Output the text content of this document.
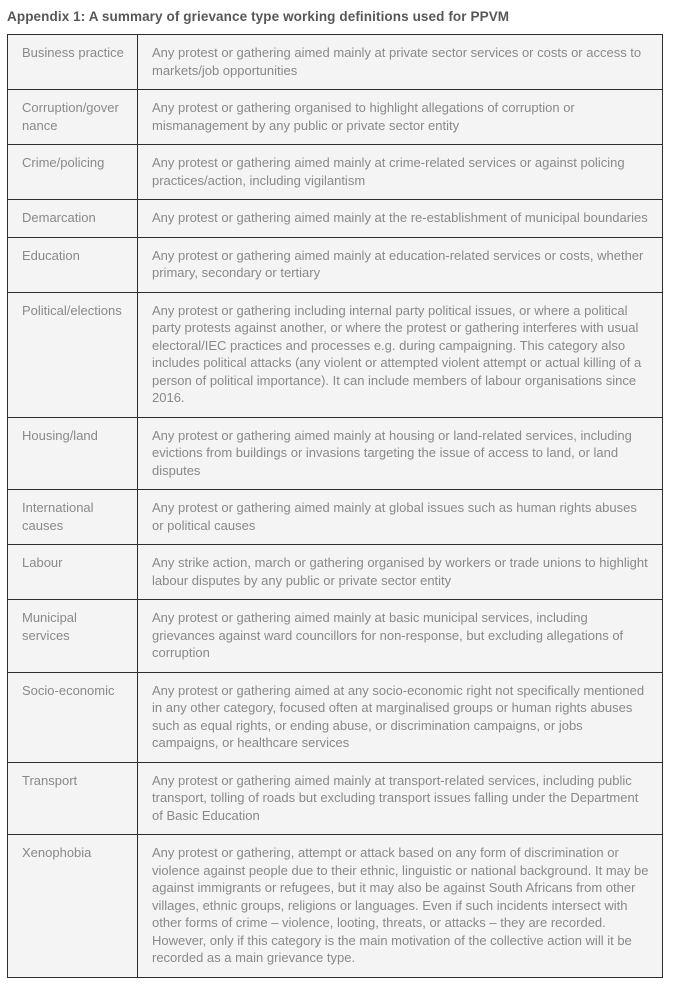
Appendix 1: A summary of grievance type working definitions used for PPVM
Business practice	Any protest or gathering aimed mainly at private sector services or costs or access to markets/job opportunities
Corruption/governance	Any protest or gathering organised to highlight allegations of corruption or mismanagement by any public or private sector entity
Crime/policing	Any protest or gathering aimed mainly at crime-related services or against policing practices/action, including vigilantism
Demarcation	Any protest or gathering aimed mainly at the re-establishment of municipal boundaries
Education	Any protest or gathering aimed mainly at education-related services or costs, whether primary, secondary or tertiary
Political/elections	Any protest or gathering including internal party political issues, or where a political party protests against another, or where the protest or gathering interferes with usual electoral/IEC practices and processes e.g. during campaigning. This category also includes political attacks (any violent or attempted violent attempt or actual killing of a person of political importance). It can include members of labour organisations since 2016.
Housing/land	Any protest or gathering aimed mainly at housing or land-related services, including evictions from buildings or invasions targeting the issue of access to land, or land disputes
International causes	Any protest or gathering aimed mainly at global issues such as human rights abuses or political causes
Labour	Any strike action, march or gathering organised by workers or trade unions to highlight labour disputes by any public or private sector entity
Municipal services	Any protest or gathering aimed mainly at basic municipal services, including grievances against ward councillors for non-response, but excluding allegations of corruption
Socio-economic	Any protest or gathering aimed at any socio-economic right not specifically mentioned in any other category, focused often at marginalised groups or human rights abuses such as equal rights, or ending abuse, or discrimination campaigns, or jobs campaigns, or healthcare services
Transport	Any protest or gathering aimed mainly at transport-related services, including public transport, tolling of roads but excluding transport issues falling under the Department of Basic Education
Xenophobia	Any protest or gathering, attempt or attack based on any form of discrimination or violence against people due to their ethnic, linguistic or national background. It may be against immigrants or refugees, but it may also be against South Africans from other villages, ethnic groups, religions or languages. Even if such incidents intersect with other forms of crime – violence, looting, threats, or attacks – they are recorded. However, only if this category is the main motivation of the collective action will it be recorded as a main grievance type.
